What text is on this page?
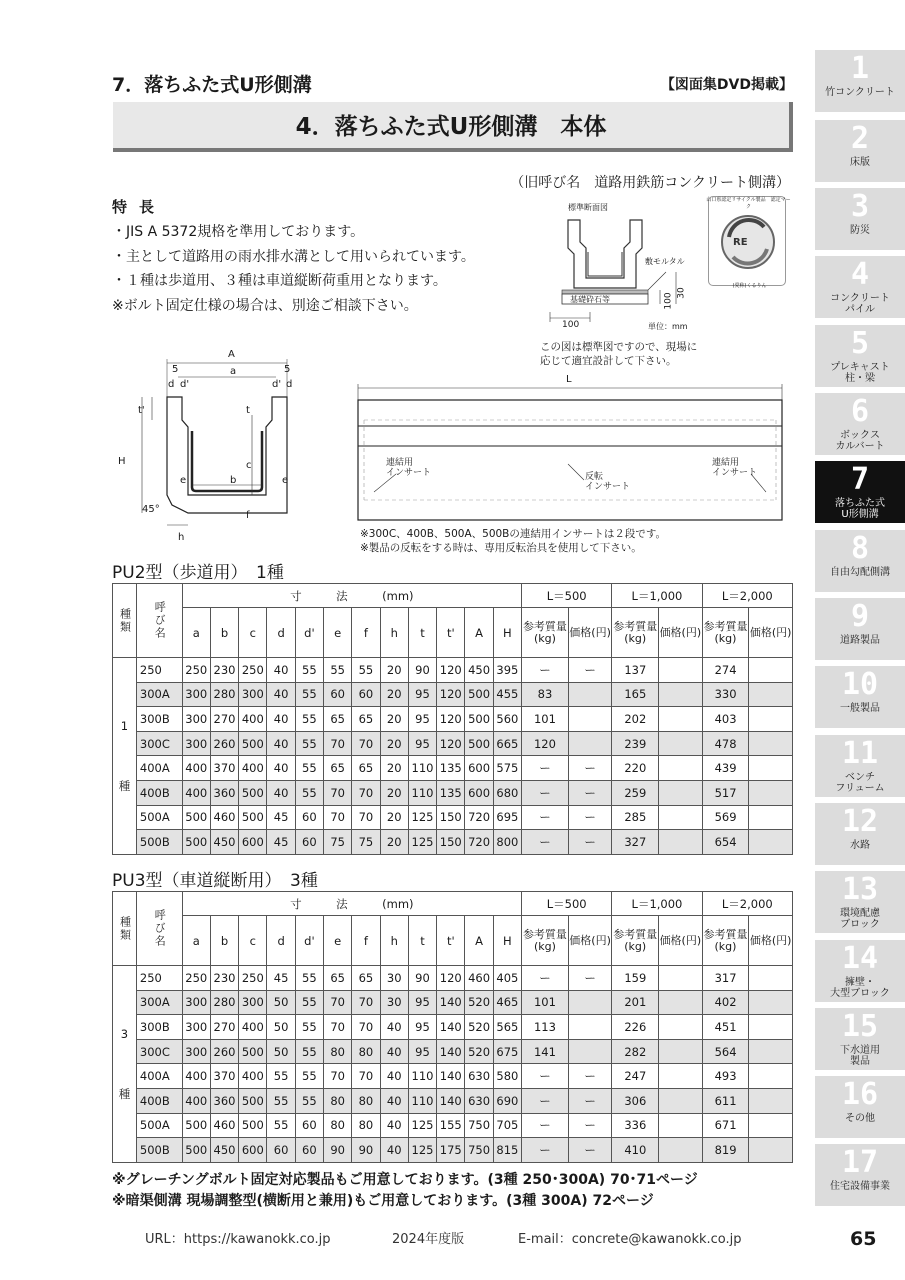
7．落ちふた式U形側溝	【図面集DVD掲載】
4．落ちふた式U形側溝　本体
（旧呼び名　道路用鉄筋コンクリート側溝）
特長
・JIS A 5372規格を準用しております。
・主として道路用の雨水排水溝として用いられています。
・１種は歩道用、３種は車道縦断荷重用となります。
※ボルト固定仕様の場合は、別途ご相談下さい。
標準断面図
敷モルタル
基礎砕石等	100 30
100	単位：mm
この図は標準図ですので、現場に
応じて適宜設計して下さい。
RE
山口県認定リサイクル製品　認定マーク
(愛称)くるりん
A
5	a	5
d d'	d' d
t'	t
H	c
e	b	e
f
45°
h
L
連結用
インサート	反転
インサート
連結用
インサート
※300C、400B、500A、500Bの連結用インサートは２段です。
※製品の反転をする時は、専用反転治具を使用して下さい。
PU2型（歩道用）　1種
種類	呼び名	寸　　　法　　　(mm)												L＝500		L＝1,000		L＝2,000	
														参考質量(kg)	価格(円)	参考質量(kg)	価格(円)	参考質量(kg)	価格(円)
		a	b	c	d	d'	e	f	h	t	t'	A	H						

1
種	250	250	230	250	40	55	55	55	20	90	120	450	395	ー	ー	137		274	
	300A	300	280	300	40	55	60	60	20	95	120	500	455	83		165		330	
	300B	300	270	400	40	55	65	65	20	95	120	500	560	101		202		403	
	300C	300	260	500	40	55	70	70	20	95	120	500	665	120		239		478	
	400A	400	370	400	40	55	65	65	20	110	135	600	575	ー	ー	220		439	
	400B	400	360	500	40	55	70	70	20	110	135	600	680	ー	ー	259		517	
	500A	500	460	500	45	60	70	70	20	125	150	720	695	ー	ー	285		569	
	500B	500	450	600	45	60	75	75	20	125	150	720	800	ー	ー	327		654	
PU3型（車道縦断用）　3種
種類	呼び名	寸　　　法　　　(mm)												L＝500		L＝1,000		L＝2,000	
														参考質量(kg)	価格(円)	参考質量(kg)	価格(円)	参考質量(kg)	価格(円)
		a	b	c	d	d'	e	f	h	t	t'	A	H						

3
種	250	250	230	250	45	55	65	65	30	90	120	460	405	ー	ー	159		317	
	300A	300	280	300	50	55	70	70	30	95	140	520	465	101		201		402	
	300B	300	270	400	50	55	70	70	40	95	140	520	565	113		226		451	
	300C	300	260	500	50	55	80	80	40	95	140	520	675	141		282		564	
	400A	400	370	400	55	55	70	70	40	110	140	630	580	ー	ー	247		493	
	400B	400	360	500	55	55	80	80	40	110	140	630	690	ー	ー	306		611	
	500A	500	460	500	55	60	80	80	40	125	155	750	705	ー	ー	336		671	
	500B	500	450	600	60	60	90	90	40	125	175	750	815	ー	ー	410		819	
※グレーチングボルト固定対応製品もご用意しております。(3種 250･300A) 70･71ページ
※暗渠側溝 現場調整型(横断用と兼用)もご用意しております。(3種 300A) 72ページ
URL：https://kawanokk.co.jp	2024年度版	E-mail：concrete@kawanokk.co.jp	65
1
竹コンクリート
2
床版
3
防災
4
コンクリート
パイル
5
プレキャスト
柱・梁
6
ボックス
カルバート
7
落ちふた式
U形側溝
8
自由勾配側溝
9
道路製品
10
一般製品
11
ベンチ
フリューム
12
水路
13
環境配慮
ブロック
14
擁壁・
大型ブロック
15
下水道用
製品
16
その他
17
住宅設備事業
